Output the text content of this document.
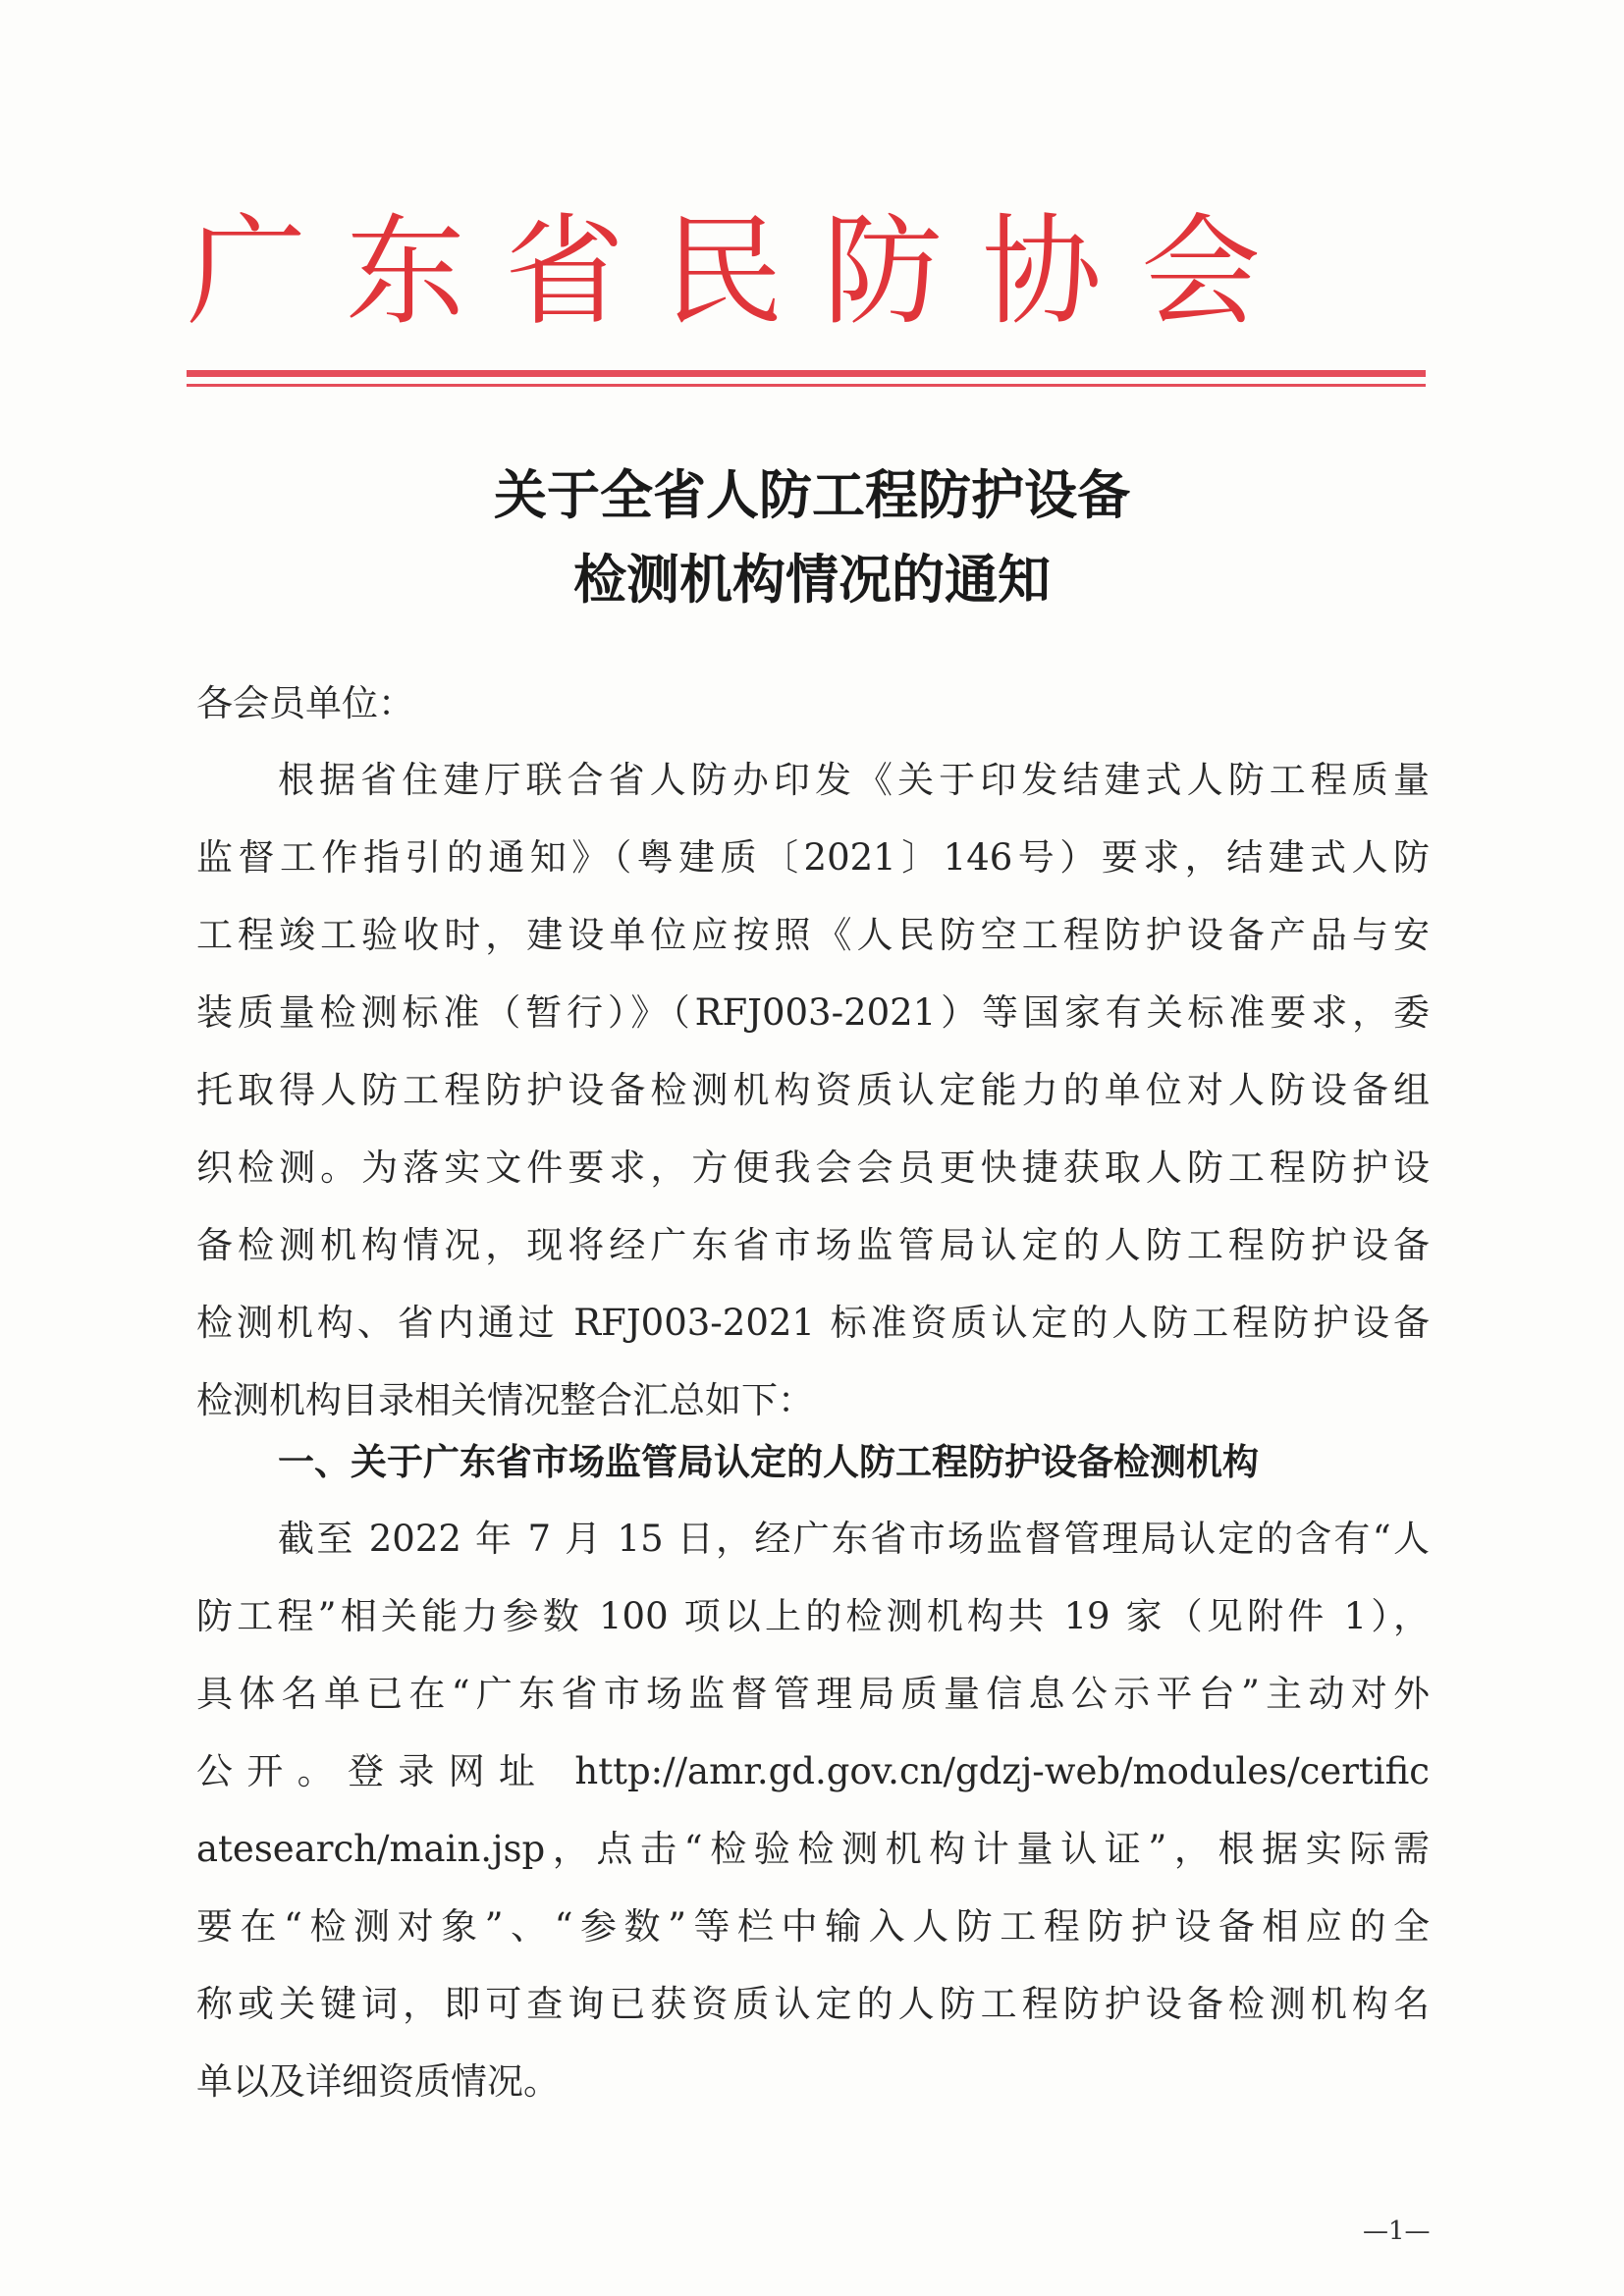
广东省民防协会
关于全省人防工程防护设备
检测机构情况的通知
各会员单位：
根据省住建厅联合省人防办印发《关于印发结建式人防工程质量
监督工作指引的通知》（粤建质〔2021〕146号）要求，结建式人防
工程竣工验收时，建设单位应按照《人民防空工程防护设备产品与安
装质量检测标准（暂行）》（RFJ003-2021）等国家有关标准要求，委
托取得人防工程防护设备检测机构资质认定能力的单位对人防设备组
织检测。为落实文件要求，方便我会会员更快捷获取人防工程防护设
备检测机构情况，现将经广东省市场监管局认定的人防工程防护设备
检测机构、省内通过 RFJ003-2021 标准资质认定的人防工程防护设备
检测机构目录相关情况整合汇总如下：
一、关于广东省市场监管局认定的人防工程防护设备检测机构
截至 2022 年 7 月 15 日，经广东省市场监督管理局认定的含有“人
防工程”相关能力参数 100 项以上的检测机构共 19 家（见附件 1），
具体名单已在“广东省市场监督管理局质量信息公示平台”主动对外
公开。登录网址 http://amr.gd.gov.cn/gdzj-web/modules/certific
atesearch/main.jsp，点击“检验检测机构计量认证”，根据实际需
要在“检测对象”、“参数”等栏中输入人防工程防护设备相应的全
称或关键词，即可查询已获资质认定的人防工程防护设备检测机构名
单以及详细资质情况。
—1—
